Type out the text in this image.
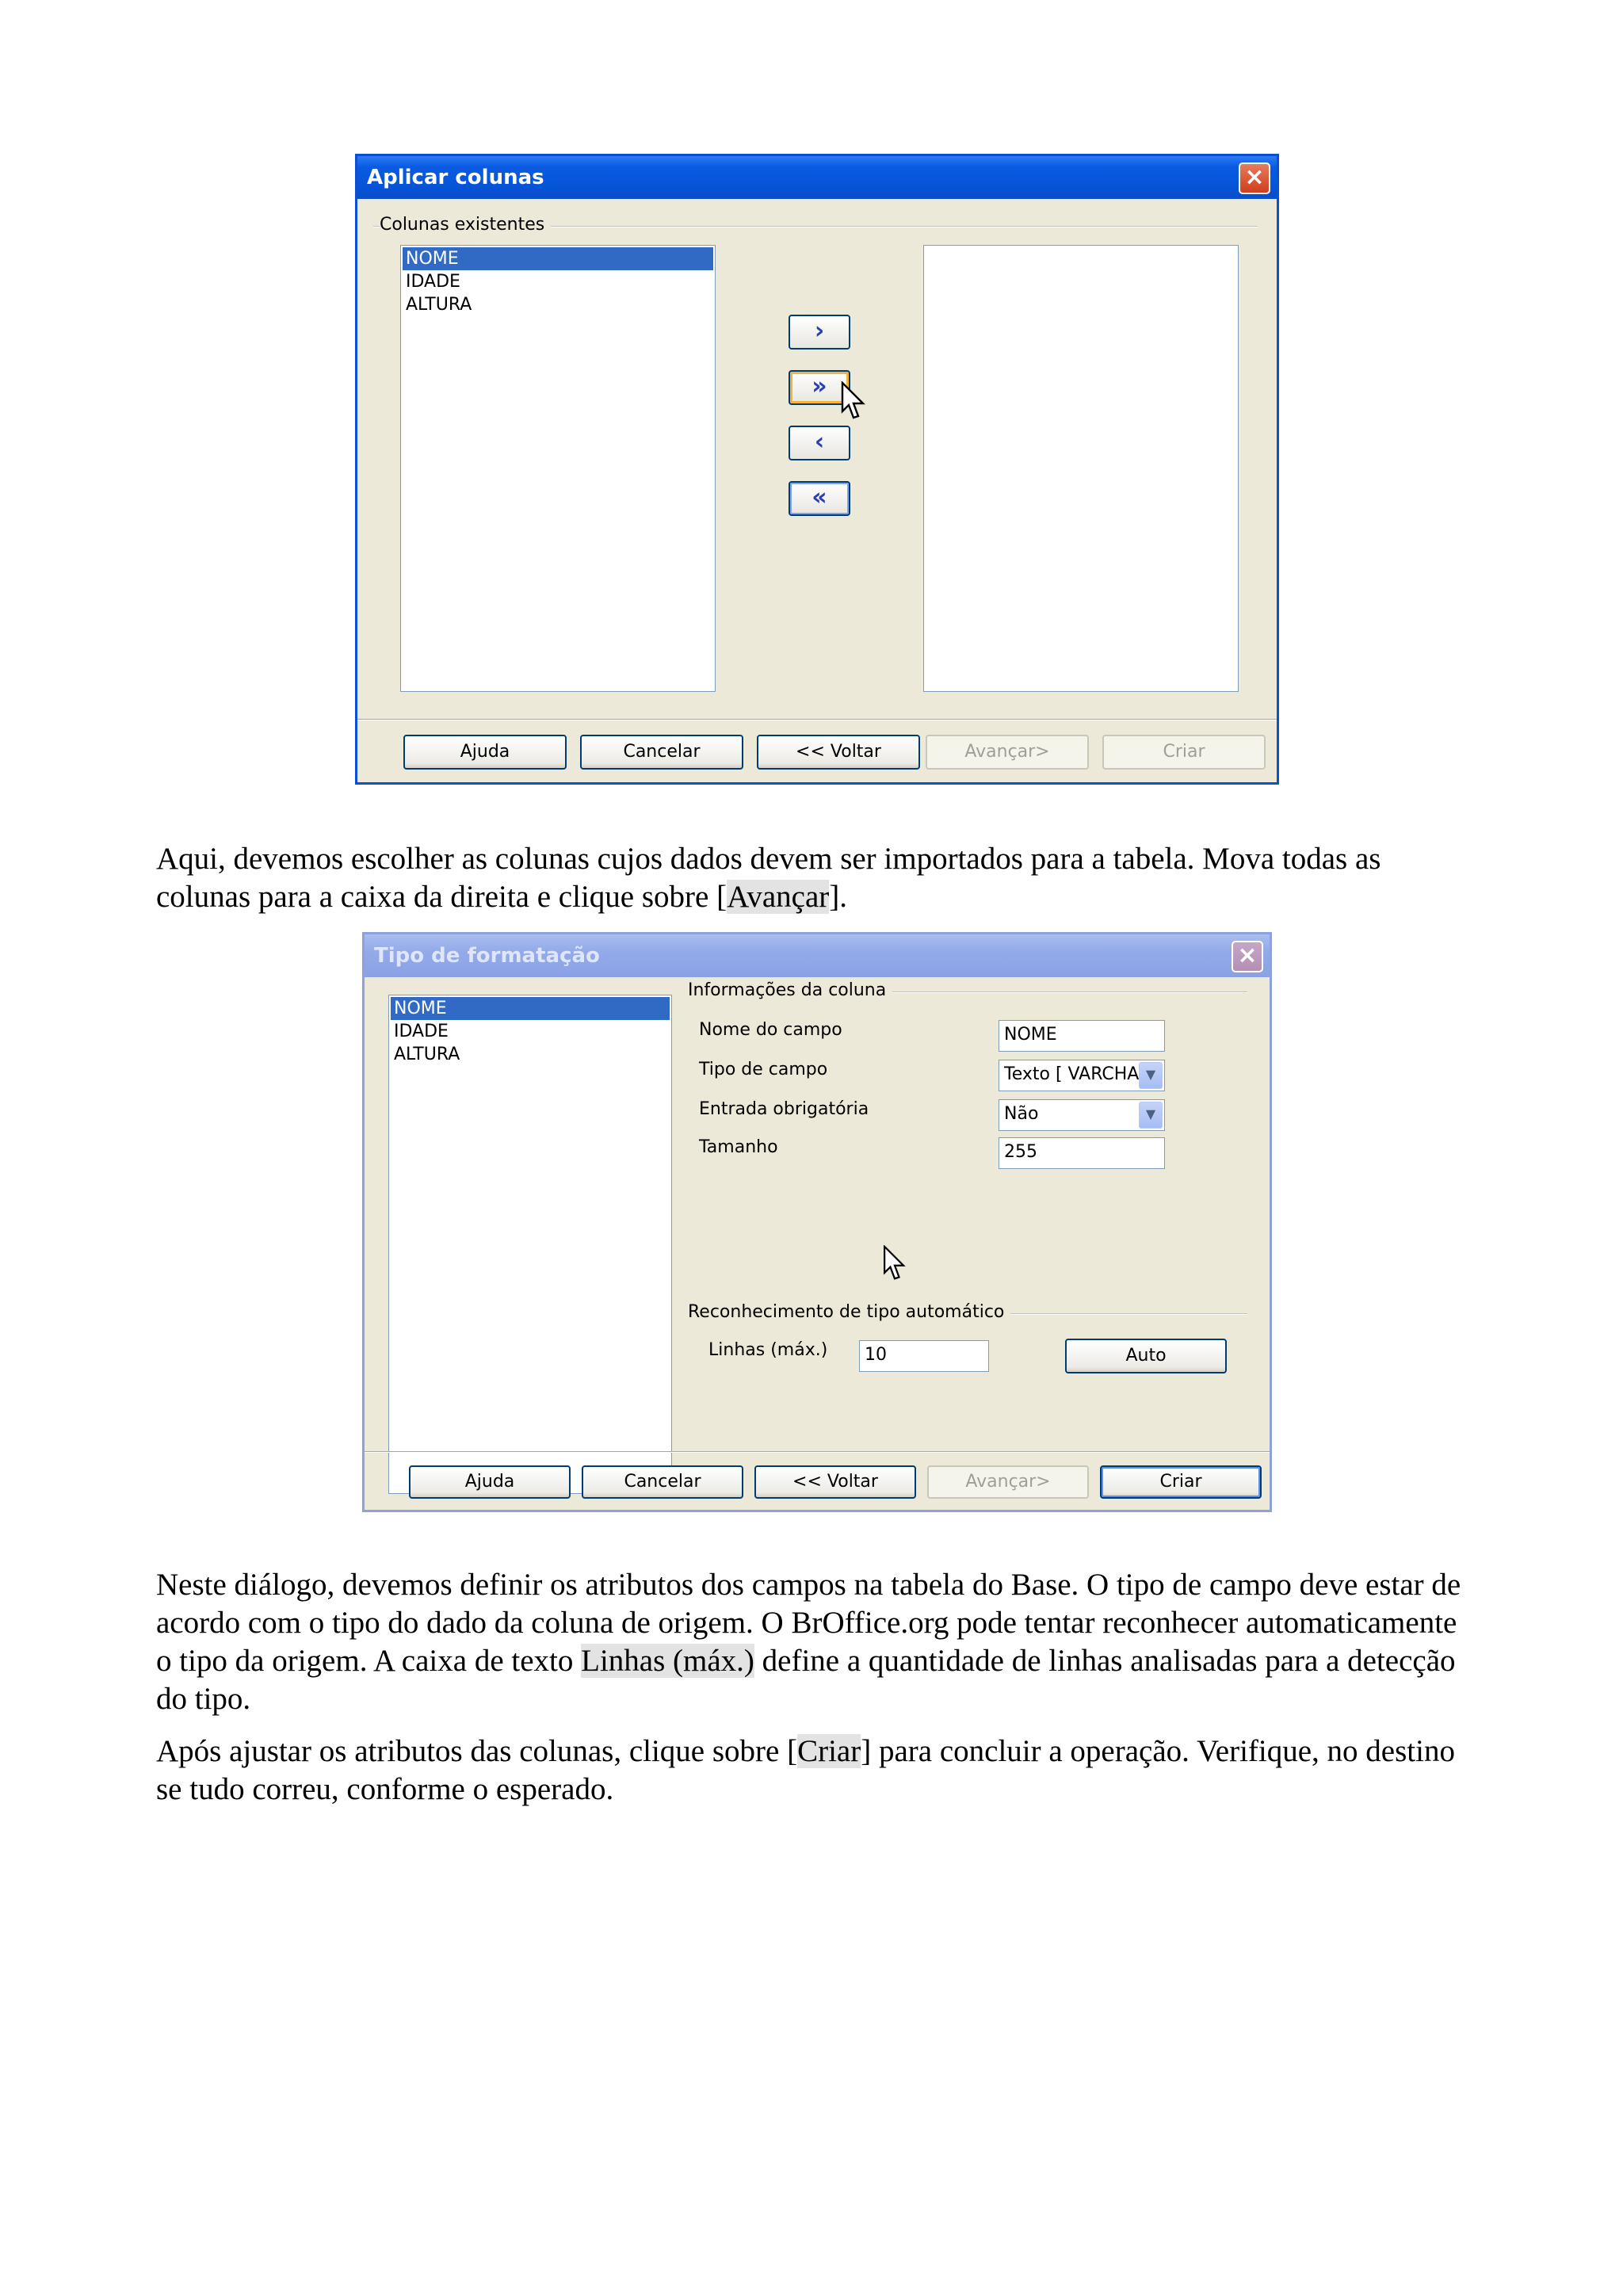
Aplicar colunas	×
Colunas existentes
NOME
IDADE
ALTURA
›
»
‹
«
Ajuda	Cancelar	<< Voltar	Avançar>	Criar
Aqui, devemos escolher as colunas cujos dados devem ser importados para a tabela. Mova todas as colunas para a caixa da direita e clique sobre [Avançar].
Tipo de formatação	×
NOME
IDADE
ALTURA
Informações da coluna
Nome do campo	NOME
Tipo de campo	Texto [ VARCHA ▼
Entrada obrigatória	Não	▼
Tamanho	255
Reconhecimento de tipo automático
Linhas (máx.)	10	Auto
Ajuda	Cancelar	<< Voltar	Avançar>	Criar
Neste diálogo, devemos definir os atributos dos campos na tabela do Base. O tipo de campo deve estar de acordo com o tipo do dado da coluna de origem. O BrOffice.org pode tentar reconhecer automaticamente o tipo da origem. A caixa de texto Linhas (máx.) define a quantidade de linhas analisadas para a detecção do tipo.
Após ajustar os atributos das colunas, clique sobre [Criar] para concluir a operação. Verifique, no destino se tudo correu, conforme o esperado.
